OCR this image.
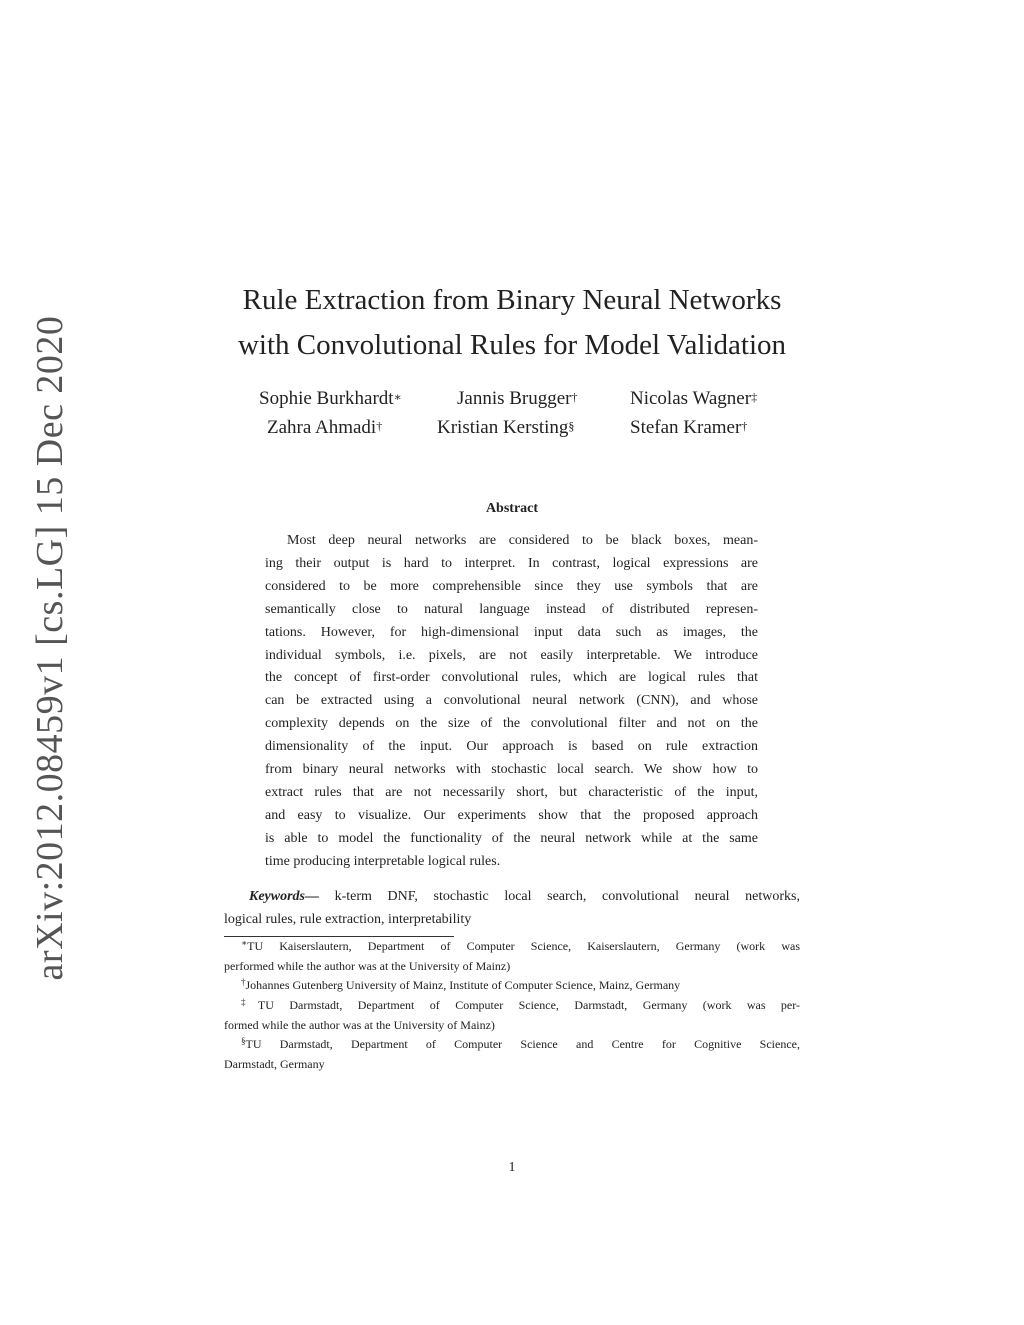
arXiv:2012.08459v1 [cs.LG] 15 Dec 2020
Rule Extraction from Binary Neural Networks
with Convolutional Rules for Model Validation
Sophie Burkhardt∗	Jannis Brugger†	Nicolas Wagner‡
Zahra Ahmadi†	Kristian Kersting§	Stefan Kramer†
Abstract
Most deep neural networks are considered to be black boxes, mean-
ing their output is hard to interpret. In contrast, logical expressions are
considered to be more comprehensible since they use symbols that are
semantically close to natural language instead of distributed represen-
tations. However, for high-dimensional input data such as images, the
individual symbols, i.e. pixels, are not easily interpretable. We introduce
the concept of first-order convolutional rules, which are logical rules that
can be extracted using a convolutional neural network (CNN), and whose
complexity depends on the size of the convolutional filter and not on the
dimensionality of the input. Our approach is based on rule extraction
from binary neural networks with stochastic local search. We show how to
extract rules that are not necessarily short, but characteristic of the input,
and easy to visualize. Our experiments show that the proposed approach
is able to model the functionality of the neural network while at the same
time producing interpretable logical rules.
Keywords— k-term DNF, stochastic local search, convolutional neural networks,
logical rules, rule extraction, interpretability
∗TU Kaiserslautern, Department of Computer Science, Kaiserslautern, Germany (work was
performed while the author was at the University of Mainz)
†Johannes Gutenberg University of Mainz, Institute of Computer Science, Mainz, Germany
‡TU Darmstadt, Department of Computer Science, Darmstadt, Germany (work was per-
formed while the author was at the University of Mainz)
§TU Darmstadt, Department of Computer Science and Centre for Cognitive Science,
Darmstadt, Germany
1
